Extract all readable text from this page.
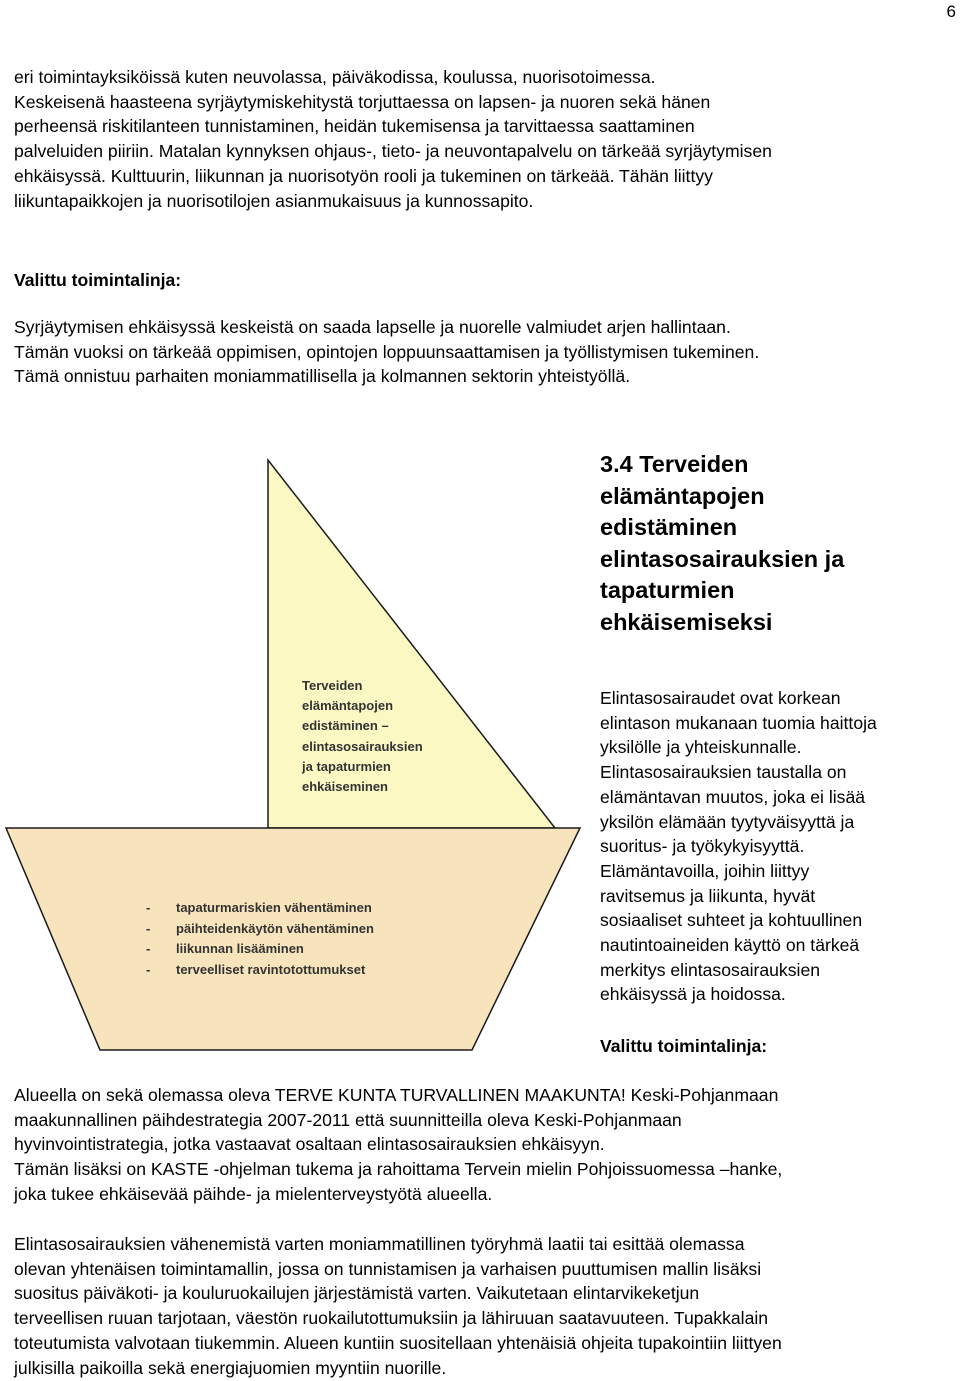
6
eri toimintayksiköissä kuten neuvolassa, päiväkodissa, koulussa, nuorisotoimessa.
Keskeisenä haasteena syrjäytymiskehitystä torjuttaessa on lapsen- ja nuoren sekä hänen
perheensä riskitilanteen tunnistaminen, heidän tukemisensa ja tarvittaessa saattaminen
palveluiden piiriin. Matalan kynnyksen ohjaus-, tieto- ja neuvontapalvelu on tärkeää syrjäytymisen
ehkäisyssä. Kulttuurin, liikunnan ja nuorisotyön rooli ja tukeminen on tärkeää. Tähän liittyy
liikuntapaikkojen ja nuorisotilojen asianmukaisuus ja kunnossapito.
Valittu toimintalinja:
Syrjäytymisen ehkäisyssä keskeistä on saada lapselle ja nuorelle valmiudet arjen hallintaan.
Tämän vuoksi on tärkeää oppimisen, opintojen loppuunsaattamisen ja työllistymisen tukeminen.
Tämä onnistuu parhaiten moniammatillisella ja kolmannen sektorin yhteistyöllä.
Terveiden
elämäntapojen
edistäminen –
elintasosairauksien
ja tapaturmien
ehkäiseminen
- tapaturmariskien vähentäminen
- päihteidenkäytön vähentäminen
- liikunnan lisääminen
- terveelliset ravintotottumukset
3.4 Terveiden
elämäntapojen
edistäminen
elintasosairauksien ja
tapaturmien
ehkäisemiseksi
Elintasosairaudet ovat korkean
elintason mukanaan tuomia haittoja
yksilölle ja yhteiskunnalle.
Elintasosairauksien taustalla on
elämäntavan muutos, joka ei lisää
yksilön elämään tyytyväisyyttä ja
suoritus- ja työkykyisyyttä.
Elämäntavoilla, joihin liittyy
ravitsemus ja liikunta, hyvät
sosiaaliset suhteet ja kohtuullinen
nautintoaineiden käyttö on tärkeä
merkitys elintasosairauksien
ehkäisyssä ja hoidossa.
Valittu toimintalinja:
Alueella on sekä olemassa oleva TERVE KUNTA TURVALLINEN MAAKUNTA! Keski-Pohjanmaan
maakunnallinen päihdestrategia 2007-2011 että suunnitteilla oleva Keski-Pohjanmaan
hyvinvointistrategia, jotka vastaavat osaltaan elintasosairauksien ehkäisyyn.
Tämän lisäksi on KASTE -ohjelman tukema ja rahoittama Tervein mielin Pohjoissuomessa –hanke,
joka tukee ehkäisevää päihde- ja mielenterveystyötä alueella.
Elintasosairauksien vähenemistä varten moniammatillinen työryhmä laatii tai esittää olemassa
olevan yhtenäisen toimintamallin, jossa on tunnistamisen ja varhaisen puuttumisen mallin lisäksi
suositus päiväkoti- ja kouluruokailujen järjestämistä varten. Vaikutetaan elintarvikeketjun
terveellisen ruuan tarjotaan, väestön ruokailutottumuksiin ja lähiruuan saatavuuteen. Tupakkalain
toteutumista valvotaan tiukemmin. Alueen kuntiin suositellaan yhtenäisiä ohjeita tupakointiin liittyen
julkisilla paikoilla sekä energiajuomien myyntiin nuorille.
